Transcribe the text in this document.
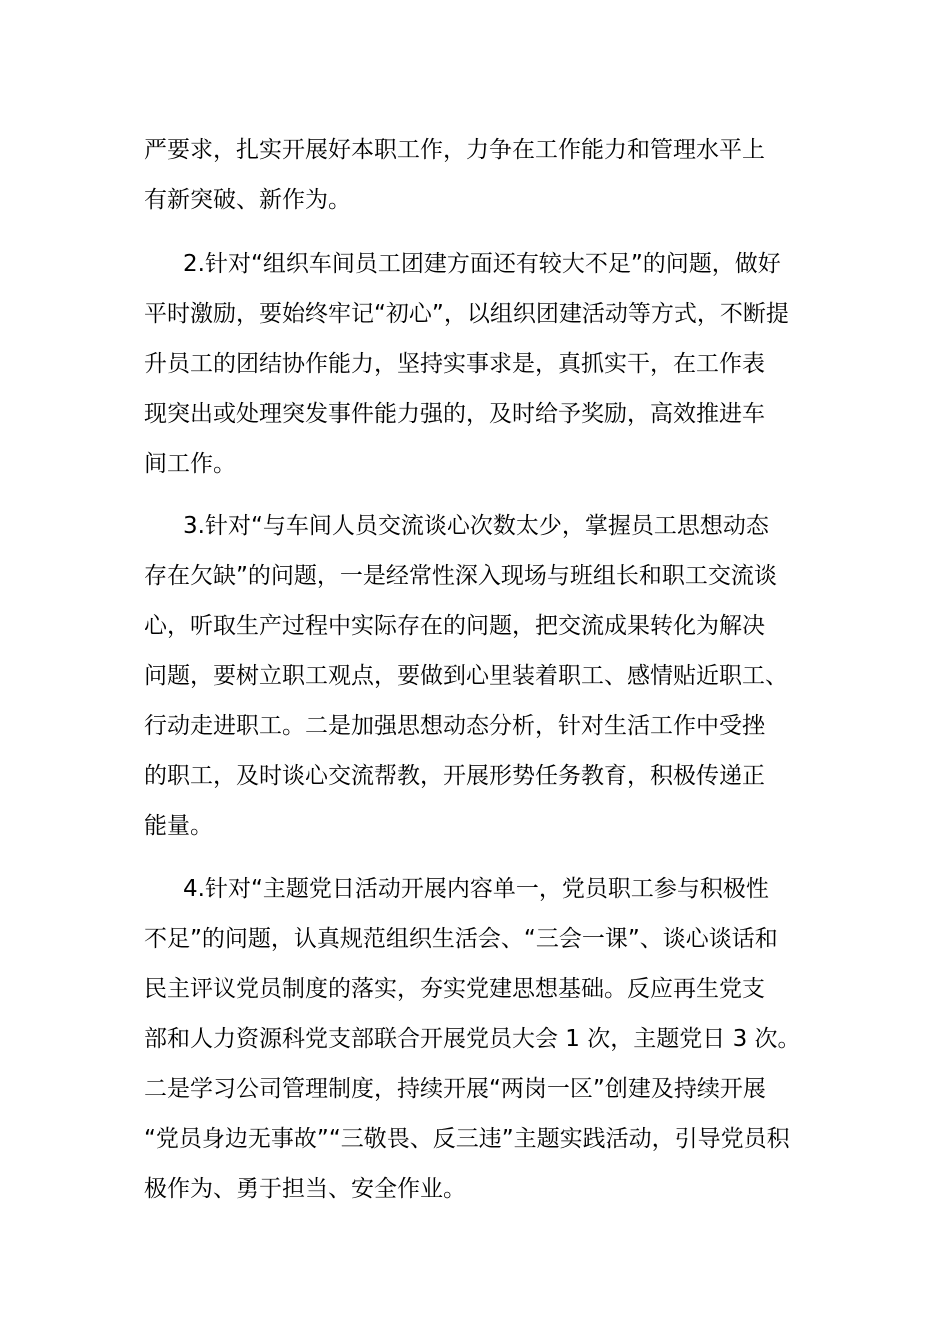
严要求，扎实开展好本职工作，力争在工作能力和管理水平上
有新突破、新作为。
2.针对“组织车间员工团建方面还有较大不足”的问题，做好
平时激励，要始终牢记“初心”，以组织团建活动等方式，不断提
升员工的团结协作能力，坚持实事求是，真抓实干，在工作表
现突出或处理突发事件能力强的，及时给予奖励，高效推进车
间工作。
3.针对“与车间人员交流谈心次数太少，掌握员工思想动态
存在欠缺”的问题，一是经常性深入现场与班组长和职工交流谈
心，听取生产过程中实际存在的问题，把交流成果转化为解决
问题，要树立职工观点，要做到心里装着职工、感情贴近职工、
行动走进职工。二是加强思想动态分析，针对生活工作中受挫
的职工，及时谈心交流帮教，开展形势任务教育，积极传递正
能量。
4.针对“主题党日活动开展内容单一，党员职工参与积极性
不足”的问题，认真规范组织生活会、“三会一课”、谈心谈话和
民主评议党员制度的落实，夯实党建思想基础。反应再生党支
部和人力资源科党支部联合开展党员大会 1 次，主题党日 3 次。
二是学习公司管理制度，持续开展“两岗一区”创建及持续开展
“党员身边无事故”“三敬畏、反三违”主题实践活动，引导党员积
极作为、勇于担当、安全作业。
